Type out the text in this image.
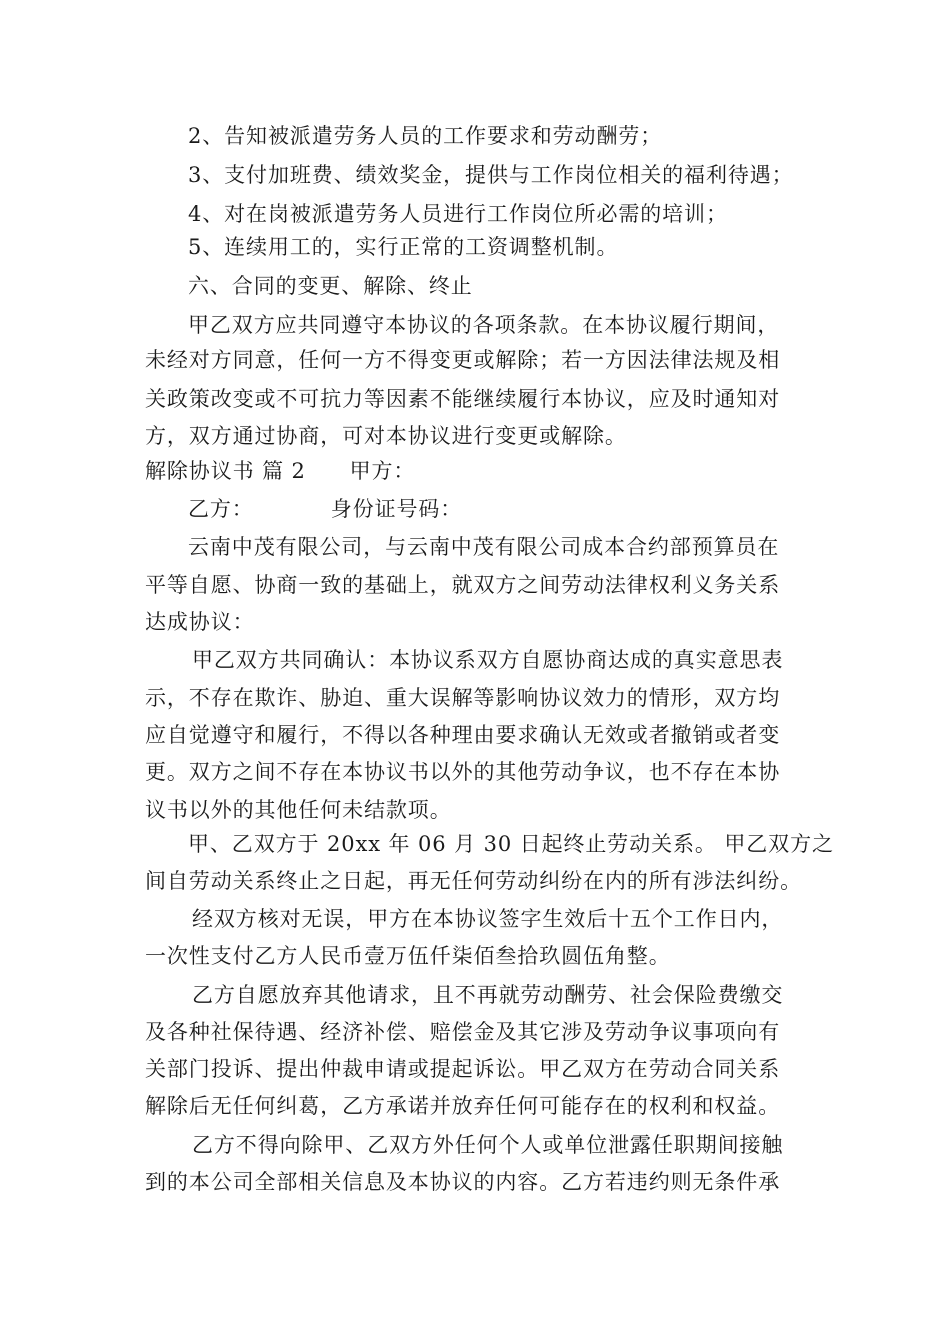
2、告知被派遣劳务人员的工作要求和劳动酬劳；
3、支付加班费、绩效奖金，提供与工作岗位相关的福利待遇；
4、对在岗被派遣劳务人员进行工作岗位所必需的培训；
5、连续用工的，实行正常的工资调整机制。
六、合同的变更、解除、终止
甲乙双方应共同遵守本协议的各项条款。在本协议履行期间，
未经对方同意，任何一方不得变更或解除；若一方因法律法规及相
关政策改变或不可抗力等因素不能继续履行本协议，应及时通知对
方，双方通过协商，可对本协议进行变更或解除。
解除协议书 篇 2　　甲方：
乙方：　　　　身份证号码：
云南中茂有限公司，与云南中茂有限公司成本合约部预算员在
平等自愿、协商一致的基础上，就双方之间劳动法律权利义务关系
达成协议：
甲乙双方共同确认：本协议系双方自愿协商达成的真实意思表
示，不存在欺诈、胁迫、重大误解等影响协议效力的情形，双方均
应自觉遵守和履行，不得以各种理由要求确认无效或者撤销或者变
更。双方之间不存在本协议书以外的其他劳动争议，也不存在本协
议书以外的其他任何未结款项。
甲、乙双方于 20xx 年 06 月 30 日起终止劳动关系。 甲乙双方之
间自劳动关系终止之日起，再无任何劳动纠纷在内的所有涉法纠纷。
经双方核对无误，甲方在本协议签字生效后十五个工作日内，
一次性支付乙方人民币壹万伍仟柒佰叁拾玖圆伍角整。
乙方自愿放弃其他请求，且不再就劳动酬劳、社会保险费缴交
及各种社保待遇、经济补偿、赔偿金及其它涉及劳动争议事项向有
关部门投诉、提出仲裁申请或提起诉讼。甲乙双方在劳动合同关系
解除后无任何纠葛，乙方承诺并放弃任何可能存在的权利和权益。
乙方不得向除甲、乙双方外任何个人或单位泄露任职期间接触
到的本公司全部相关信息及本协议的内容。乙方若违约则无条件承
